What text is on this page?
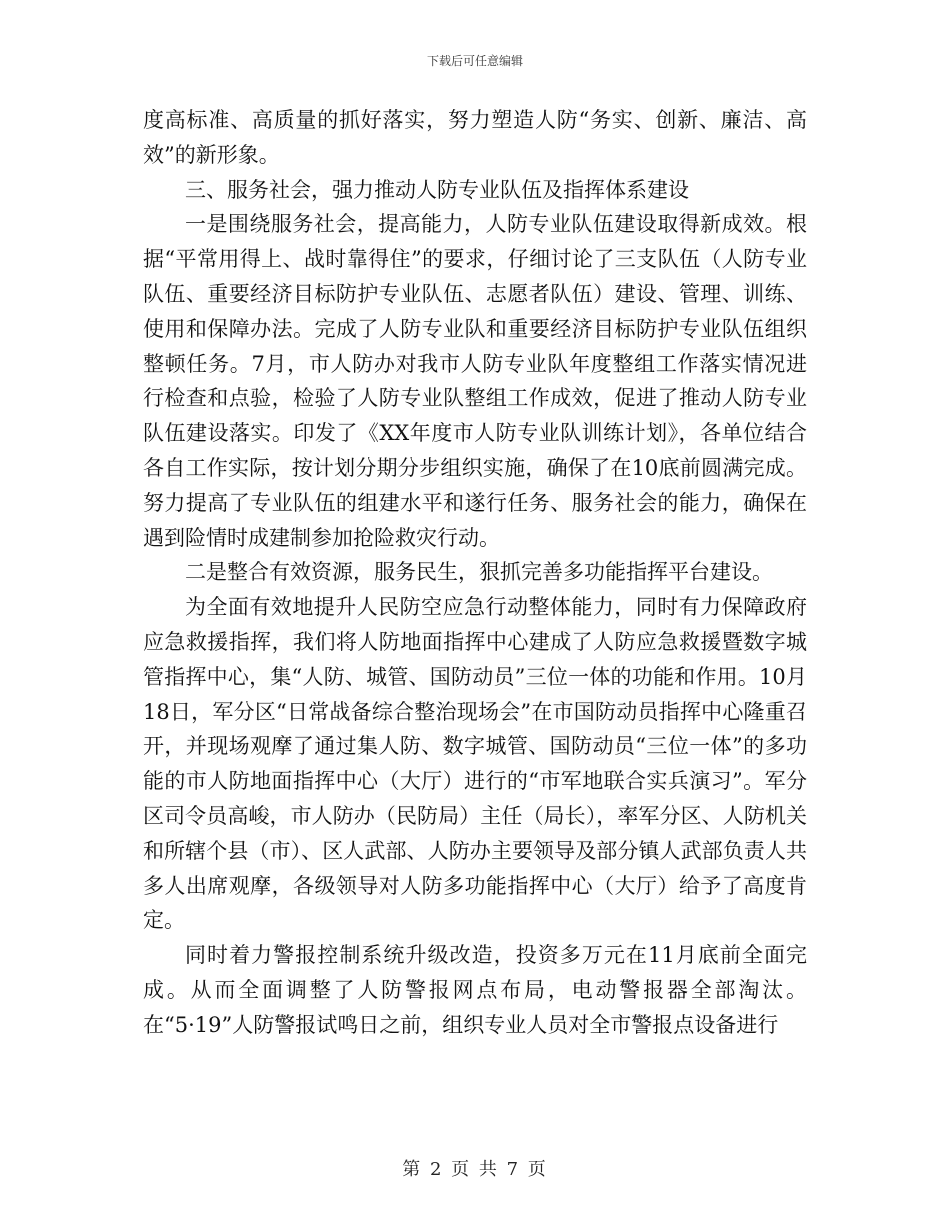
下载后可任意编辑

度高标准、高质量的抓好落实，努力塑造人防“务实、创新、廉洁、高效”的新形象。

三、服务社会，强力推动人防专业队伍及指挥体系建设

一是围绕服务社会，提高能力，人防专业队伍建设取得新成效。根据“平常用得上、战时靠得住”的要求，仔细讨论了三支队伍（人防专业队伍、重要经济目标防护专业队伍、志愿者队伍）建设、管理、训练、使用和保障办法。完成了人防专业队和重要经济目标防护专业队伍组织整顿任务。7月，市人防办对我市人防专业队年度整组工作落实情况进行检查和点验，检验了人防专业队整组工作成效，促进了推动人防专业队伍建设落实。印发了《XX年度市人防专业队训练计划》，各单位结合各自工作实际，按计划分期分步组织实施，确保了在10底前圆满完成。努力提高了专业队伍的组建水平和遂行任务、服务社会的能力，确保在遇到险情时成建制参加抢险救灾行动。

二是整合有效资源，服务民生，狠抓完善多功能指挥平台建设。

为全面有效地提升人民防空应急行动整体能力，同时有力保障政府应急救援指挥，我们将人防地面指挥中心建成了人防应急救援暨数字城管指挥中心，集“人防、城管、国防动员”三位一体的功能和作用。10月18日，军分区“日常战备综合整治现场会”在市国防动员指挥中心隆重召开，并现场观摩了通过集人防、数字城管、国防动员“三位一体”的多功能的市人防地面指挥中心（大厅）进行的“市军地联合实兵演习”。军分区司令员高峻，市人防办（民防局）主任（局长），率军分区、人防机关和所辖个县（市）、区人武部、人防办主要领导及部分镇人武部负责人共多人出席观摩，各级领导对人防多功能指挥中心（大厅）给予了高度肯定。

同时着力警报控制系统升级改造，投资多万元在11月底前全面完成。从而全面调整了人防警报网点布局，电动警报器全部淘汰。在“5·19”人防警报试鸣日之前，组织专业人员对全市警报点设备进行

第 2 页 共 7 页
